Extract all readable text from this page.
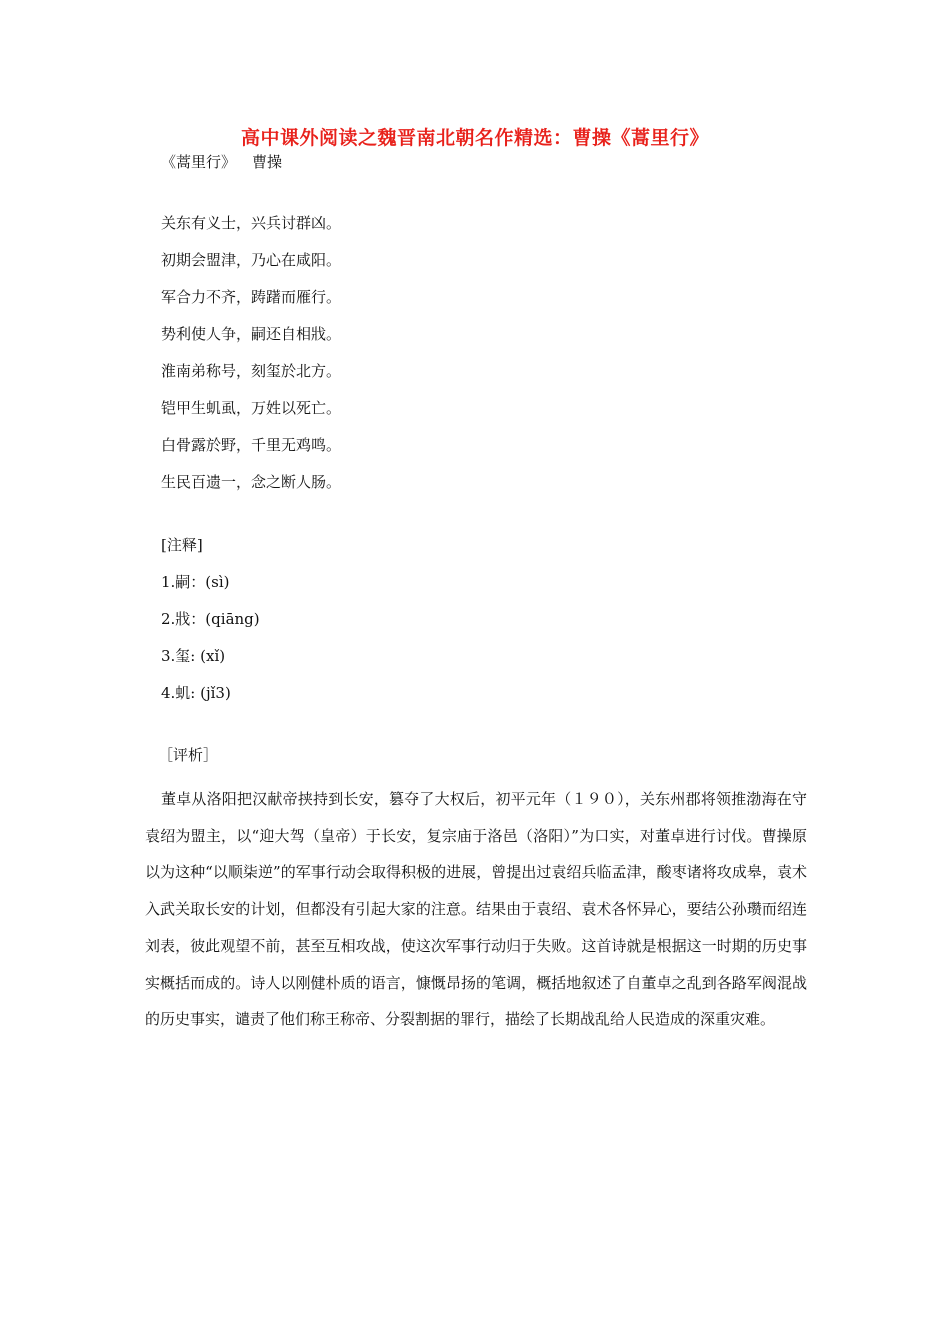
高中课外阅读之魏晋南北朝名作精选：曹操《蒿里行》
《蒿里行》 曹操
关东有义士，兴兵讨群凶。
初期会盟津，乃心在咸阳。
军合力不齐，踌躇而雁行。
势利使人争，嗣还自相戕。
淮南弟称号，刻玺於北方。
铠甲生虮虱，万姓以死亡。
白骨露於野，千里无鸡鸣。
生民百遗一，念之断人肠。
[注释]
1.嗣：(sì)
2.戕：(qiāng)
3.玺: (xǐ)
4.虮: (jǐ3)
［评析］

董卓从洛阳把汉献帝挟持到长安，篡夺了大权后，初平元年（１９０），关东州郡将领推渤海在守袁绍为盟主，以“迎大驾（皇帝）于长安，复宗庙于洛邑（洛阳）”为口实，对董卓进行讨伐。曹操原以为这种“以顺柒逆”的军事行动会取得积极的进展，曾提出过袁绍兵临孟津，酸枣诸将攻成皋，袁术入武关取长安的计划，但都没有引起大家的注意。结果由于袁绍、袁术各怀异心，要结公孙瓒而绍连刘表，彼此观望不前，甚至互相攻战，使这次军事行动归于失败。这首诗就是根据这一时期的历史事实概括而成的。诗人以刚健朴质的语言，慷慨昂扬的笔调，概括地叙述了自董卓之乱到各路军阀混战的历史事实，谴责了他们称王称帝、分裂割据的罪行，描绘了长期战乱给人民造成的深重灾难。
